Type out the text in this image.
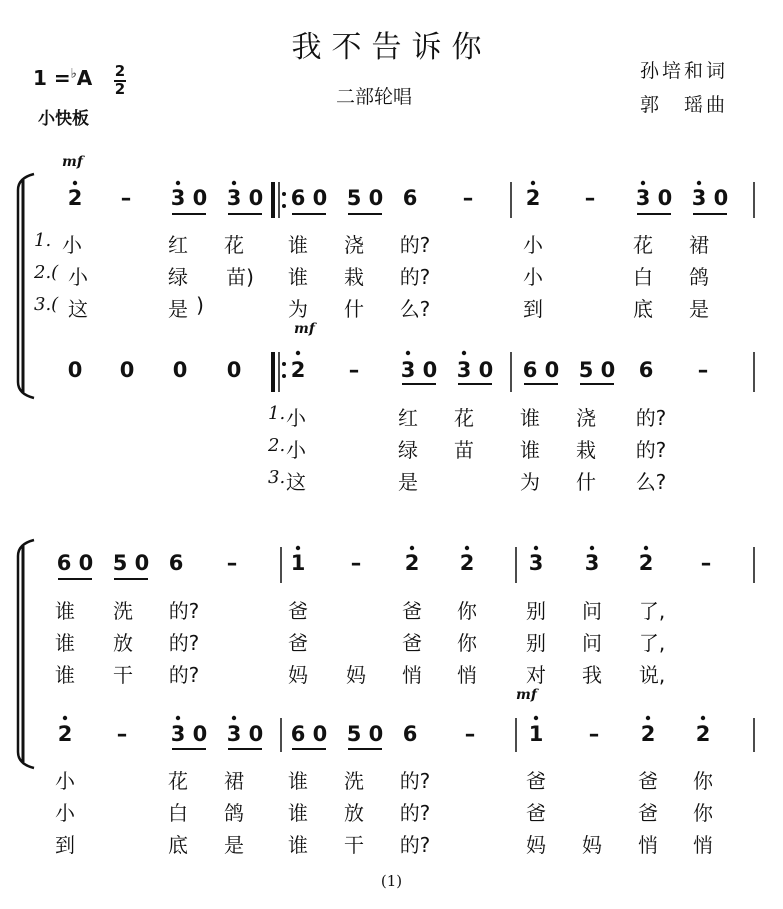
我不告诉你
二部轮唱
孙培和词
郭　瑶曲
1 =♭A 2
2
小快板
mf
mf
mf
2 – 3 0 3 0 6 0 5 0 6 – 2 – 3 0 3 0
1.
2.(
3.(
小	红 花 谁 浇 的?	小	花 裙
小	绿 苗) 谁 栽 的?	小	白 鸽
这	是 )	为 什 么?	到	底 是
0 0 0 0 2 – 3 0 3 0 6 0 5 0 6 –
1.
2.
3.
小	红 花 谁 浇 的?
小	绿 苗 谁 栽 的?
这	是	为 什 么?
6 0 5 0 6 –	1 – 2 2	3 3 2 –
谁 洗 的?	爸	爸 你 别 问 了,
谁 放 的?	爸	爸 你 别 问 了,
谁 干 的?	妈 妈 悄 悄 对 我 说,
2 – 3 0 3 0 6 0 5 0 6 –	1 – 2 2
小	花 裙 谁 洗 的?	爸	爸 你
小	白 鸽 谁 放 的?	爸	爸 你
到	底 是 谁 干 的?	妈 妈 悄 悄
(1)
